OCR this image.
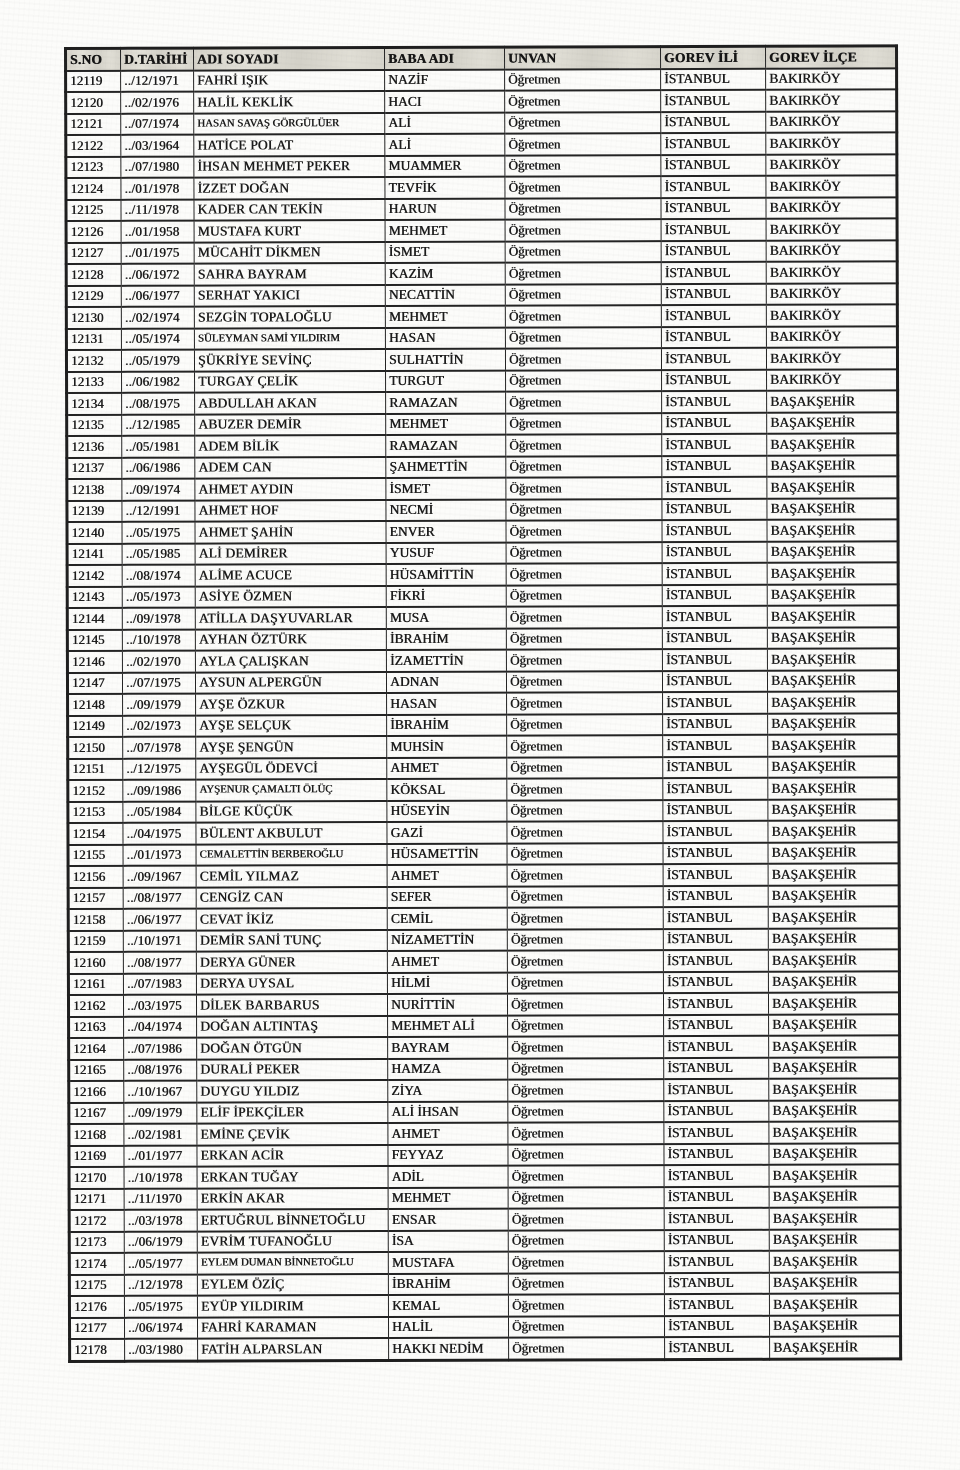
S.NO	D.TARİHİ	ADI SOYADI	BABA ADI	UNVAN	GOREV İLİ	GOREV İLÇE
12119	../12/1971	FAHRİ IŞIK	NAZİF	Öğretmen	İSTANBUL	BAKIRKÖY
12120	../02/1976	HALİL KEKLİK	HACI	Öğretmen	İSTANBUL	BAKIRKÖY
12121	../07/1974	HASAN SAVAŞ GÖRGÜLÜER	ALİ	Öğretmen	İSTANBUL	BAKIRKÖY
12122	../03/1964	HATİCE POLAT	ALİ	Öğretmen	İSTANBUL	BAKIRKÖY
12123	../07/1980	İHSAN MEHMET PEKER	MUAMMER	Öğretmen	İSTANBUL	BAKIRKÖY
12124	../01/1978	İZZET DOĞAN	TEVFİK	Öğretmen	İSTANBUL	BAKIRKÖY
12125	../11/1978	KADER CAN TEKİN	HARUN	Öğretmen	İSTANBUL	BAKIRKÖY
12126	../01/1958	MUSTAFA KURT	MEHMET	Öğretmen	İSTANBUL	BAKIRKÖY
12127	../01/1975	MÜCAHİT DİKMEN	İSMET	Öğretmen	İSTANBUL	BAKIRKÖY
12128	../06/1972	SAHRA BAYRAM	KAZİM	Öğretmen	İSTANBUL	BAKIRKÖY
12129	../06/1977	SERHAT YAKICI	NECATTİN	Öğretmen	İSTANBUL	BAKIRKÖY
12130	../02/1974	SEZGİN TOPALOĞLU	MEHMET	Öğretmen	İSTANBUL	BAKIRKÖY
12131	../05/1974	SÜLEYMAN SAMİ YILDIRIM	HASAN	Öğretmen	İSTANBUL	BAKIRKÖY
12132	../05/1979	ŞÜKRİYE SEVİNÇ	SULHATTİN	Öğretmen	İSTANBUL	BAKIRKÖY
12133	../06/1982	TURGAY ÇELİK	TURGUT	Öğretmen	İSTANBUL	BAKIRKÖY
12134	../08/1975	ABDULLAH AKAN	RAMAZAN	Öğretmen	İSTANBUL	BAŞAKŞEHİR
12135	../12/1985	ABUZER DEMİR	MEHMET	Öğretmen	İSTANBUL	BAŞAKŞEHİR
12136	../05/1981	ADEM BİLİK	RAMAZAN	Öğretmen	İSTANBUL	BAŞAKŞEHİR
12137	../06/1986	ADEM CAN	ŞAHMETTİN	Öğretmen	İSTANBUL	BAŞAKŞEHİR
12138	../09/1974	AHMET AYDIN	İSMET	Öğretmen	İSTANBUL	BAŞAKŞEHİR
12139	../12/1991	AHMET HOF	NECMİ	Öğretmen	İSTANBUL	BAŞAKŞEHİR
12140	../05/1975	AHMET ŞAHİN	ENVER	Öğretmen	İSTANBUL	BAŞAKŞEHİR
12141	../05/1985	ALİ DEMİRER	YUSUF	Öğretmen	İSTANBUL	BAŞAKŞEHİR
12142	../08/1974	ALİME ACUCE	HÜSAMİTTİN	Öğretmen	İSTANBUL	BAŞAKŞEHİR
12143	../05/1973	ASİYE ÖZMEN	FİKRİ	Öğretmen	İSTANBUL	BAŞAKŞEHİR
12144	../09/1978	ATİLLA DAŞYUVARLAR	MUSA	Öğretmen	İSTANBUL	BAŞAKŞEHİR
12145	../10/1978	AYHAN ÖZTÜRK	İBRAHİM	Öğretmen	İSTANBUL	BAŞAKŞEHİR
12146	../02/1970	AYLA ÇALIŞKAN	İZAMETTİN	Öğretmen	İSTANBUL	BAŞAKŞEHİR
12147	../07/1975	AYSUN ALPERGÜN	ADNAN	Öğretmen	İSTANBUL	BAŞAKŞEHİR
12148	../09/1979	AYŞE ÖZKUR	HASAN	Öğretmen	İSTANBUL	BAŞAKŞEHİR
12149	../02/1973	AYŞE SELÇUK	İBRAHİM	Öğretmen	İSTANBUL	BAŞAKŞEHİR
12150	../07/1978	AYŞE ŞENGÜN	MUHSİN	Öğretmen	İSTANBUL	BAŞAKŞEHİR
12151	../12/1975	AYŞEGÜL ÖDEVCİ	AHMET	Öğretmen	İSTANBUL	BAŞAKŞEHİR
12152	../09/1986	AYŞENUR ÇAMALTI ÖLÜÇ	KÖKSAL	Öğretmen	İSTANBUL	BAŞAKŞEHİR
12153	../05/1984	BİLGE KÜÇÜK	HÜSEYİN	Öğretmen	İSTANBUL	BAŞAKŞEHİR
12154	../04/1975	BÜLENT AKBULUT	GAZİ	Öğretmen	İSTANBUL	BAŞAKŞEHİR
12155	../01/1973	CEMALETTİN BERBEROĞLU	HÜSAMETTİN	Öğretmen	İSTANBUL	BAŞAKŞEHİR
12156	../09/1967	CEMİL YILMAZ	AHMET	Öğretmen	İSTANBUL	BAŞAKŞEHİR
12157	../08/1977	CENGİZ CAN	SEFER	Öğretmen	İSTANBUL	BAŞAKŞEHİR
12158	../06/1977	CEVAT İKİZ	CEMİL	Öğretmen	İSTANBUL	BAŞAKŞEHİR
12159	../10/1971	DEMİR SANİ TUNÇ	NİZAMETTİN	Öğretmen	İSTANBUL	BAŞAKŞEHİR
12160	../08/1977	DERYA GÜNER	AHMET	Öğretmen	İSTANBUL	BAŞAKŞEHİR
12161	../07/1983	DERYA UYSAL	HİLMİ	Öğretmen	İSTANBUL	BAŞAKŞEHİR
12162	../03/1975	DİLEK BARBARUS	NURİTTİN	Öğretmen	İSTANBUL	BAŞAKŞEHİR
12163	../04/1974	DOĞAN ALTINTAŞ	MEHMET ALİ	Öğretmen	İSTANBUL	BAŞAKŞEHİR
12164	../07/1986	DOĞAN ÖTGÜN	BAYRAM	Öğretmen	İSTANBUL	BAŞAKŞEHİR
12165	../08/1976	DURALİ PEKER	HAMZA	Öğretmen	İSTANBUL	BAŞAKŞEHİR
12166	../10/1967	DUYGU YILDIZ	ZİYA	Öğretmen	İSTANBUL	BAŞAKŞEHİR
12167	../09/1979	ELİF İPEKÇİLER	ALİ İHSAN	Öğretmen	İSTANBUL	BAŞAKŞEHİR
12168	../02/1981	EMİNE ÇEVİK	AHMET	Öğretmen	İSTANBUL	BAŞAKŞEHİR
12169	../01/1977	ERKAN ACİR	FEYYAZ	Öğretmen	İSTANBUL	BAŞAKŞEHİR
12170	../10/1978	ERKAN TUĞAY	ADİL	Öğretmen	İSTANBUL	BAŞAKŞEHİR
12171	../11/1970	ERKİN AKAR	MEHMET	Öğretmen	İSTANBUL	BAŞAKŞEHİR
12172	../03/1978	ERTUĞRUL BİNNETOĞLU	ENSAR	Öğretmen	İSTANBUL	BAŞAKŞEHİR
12173	../06/1979	EVRİM TUFANOĞLU	İSA	Öğretmen	İSTANBUL	BAŞAKŞEHİR
12174	../05/1977	EYLEM DUMAN BİNNETOĞLU	MUSTAFA	Öğretmen	İSTANBUL	BAŞAKŞEHİR
12175	../12/1978	EYLEM ÖZİÇ	İBRAHİM	Öğretmen	İSTANBUL	BAŞAKŞEHİR
12176	../05/1975	EYÜP YILDIRIM	KEMAL	Öğretmen	İSTANBUL	BAŞAKŞEHİR
12177	../06/1974	FAHRİ KARAMAN	HALİL	Öğretmen	İSTANBUL	BAŞAKŞEHİR
12178	../03/1980	FATİH ALPARSLAN	HAKKI NEDİM	Öğretmen	İSTANBUL	BAŞAKŞEHİR
